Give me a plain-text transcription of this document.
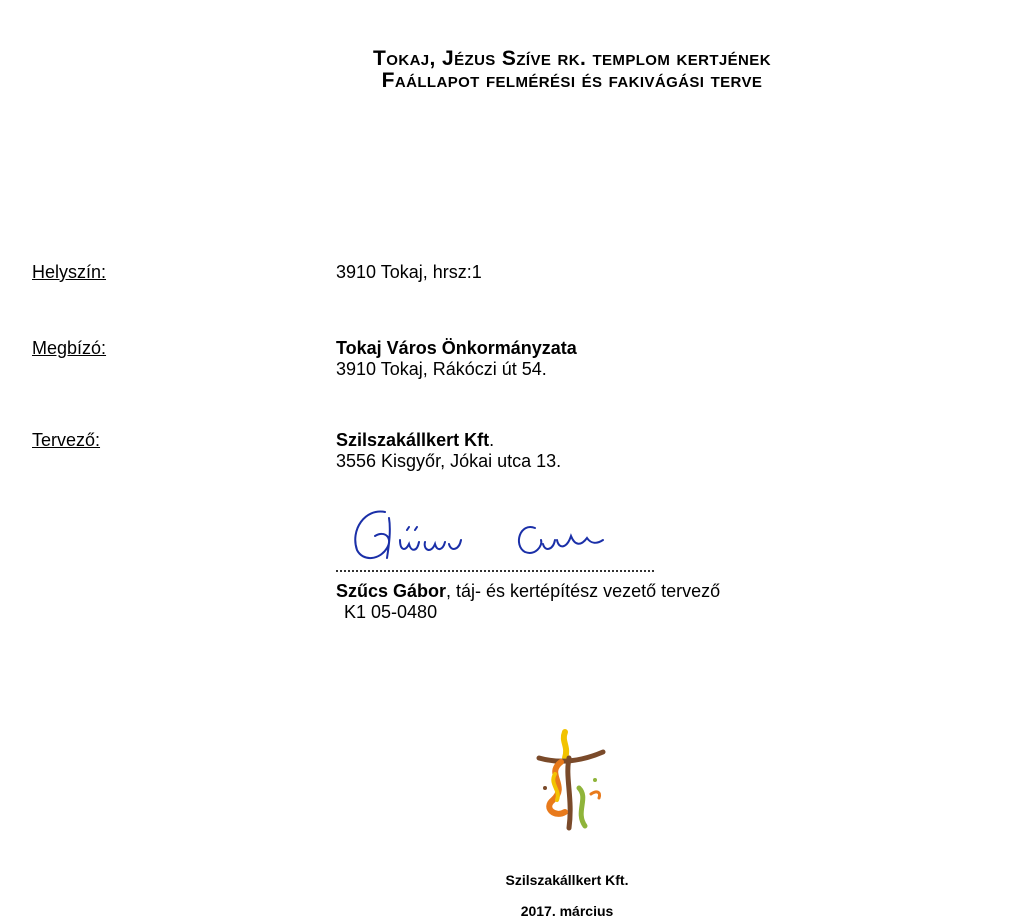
Tokaj, Jézus Szíve rk. templom kertjének
Faállapot felmérési és fakivágási terve
Helyszín:	3910 Tokaj, hrsz:1
Megbízó:	Tokaj Város Önkormányzata
3910 Tokaj, Rákóczi út 54.
Tervező:	Szilszakállkert Kft.
3556 Kisgyőr, Jókai utca 13.
Szűcs Gábor, táj- és kertépítész vezető tervező
K1 05-0480
Szilszakállkert Kft.
2017. március
